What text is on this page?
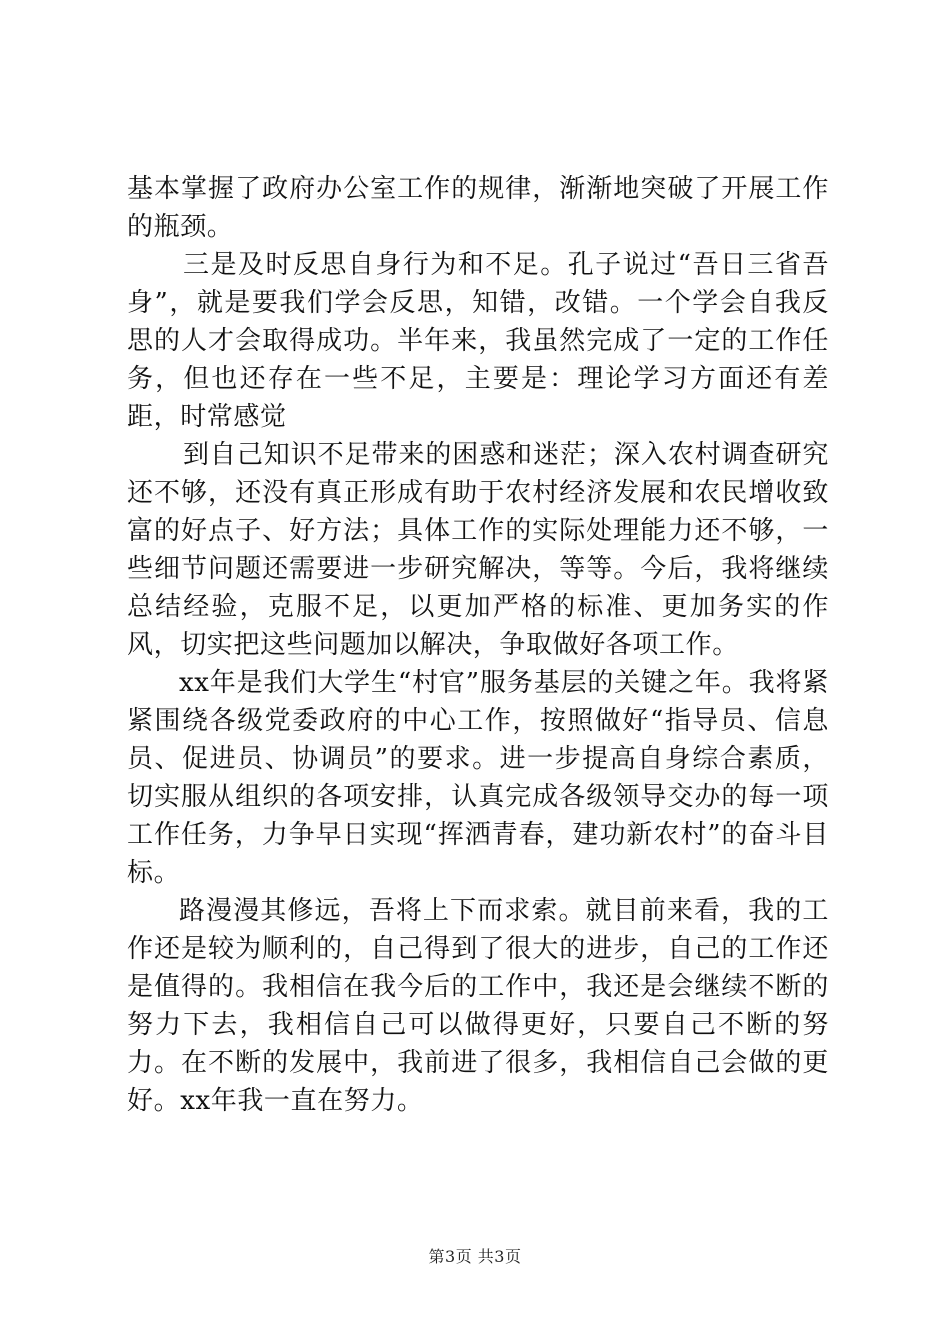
基本掌握了政府办公室工作的规律，渐渐地突破了开展工作的瓶颈。

三是及时反思自身行为和不足。孔子说过“吾日三省吾身”，就是要我们学会反思，知错，改错。一个学会自我反思的人才会取得成功。半年来，我虽然完成了一定的工作任务，但也还存在一些不足，主要是：理论学习方面还有差距，时常感觉

到自己知识不足带来的困惑和迷茫；深入农村调查研究还不够，还没有真正形成有助于农村经济发展和农民增收致富的好点子、好方法；具体工作的实际处理能力还不够，一些细节问题还需要进一步研究解决，等等。今后，我将继续总结经验，克服不足，以更加严格的标准、更加务实的作风，切实把这些问题加以解决，争取做好各项工作。

xx年是我们大学生“村官”服务基层的关键之年。我将紧紧围绕各级党委政府的中心工作，按照做好“指导员、信息员、促进员、协调员”的要求。进一步提高自身综合素质，切实服从组织的各项安排，认真完成各级领导交办的每一项工作任务，力争早日实现“挥洒青春，建功新农村”的奋斗目标。

路漫漫其修远，吾将上下而求索。就目前来看，我的工作还是较为顺利的，自己得到了很大的进步，自己的工作还是值得的。我相信在我今后的工作中，我还是会继续不断的努力下去，我相信自己可以做得更好，只要自己不断的努力。在不断的发展中，我前进了很多，我相信自己会做的更好。xx年我一直在努力。

第3页 共3页
